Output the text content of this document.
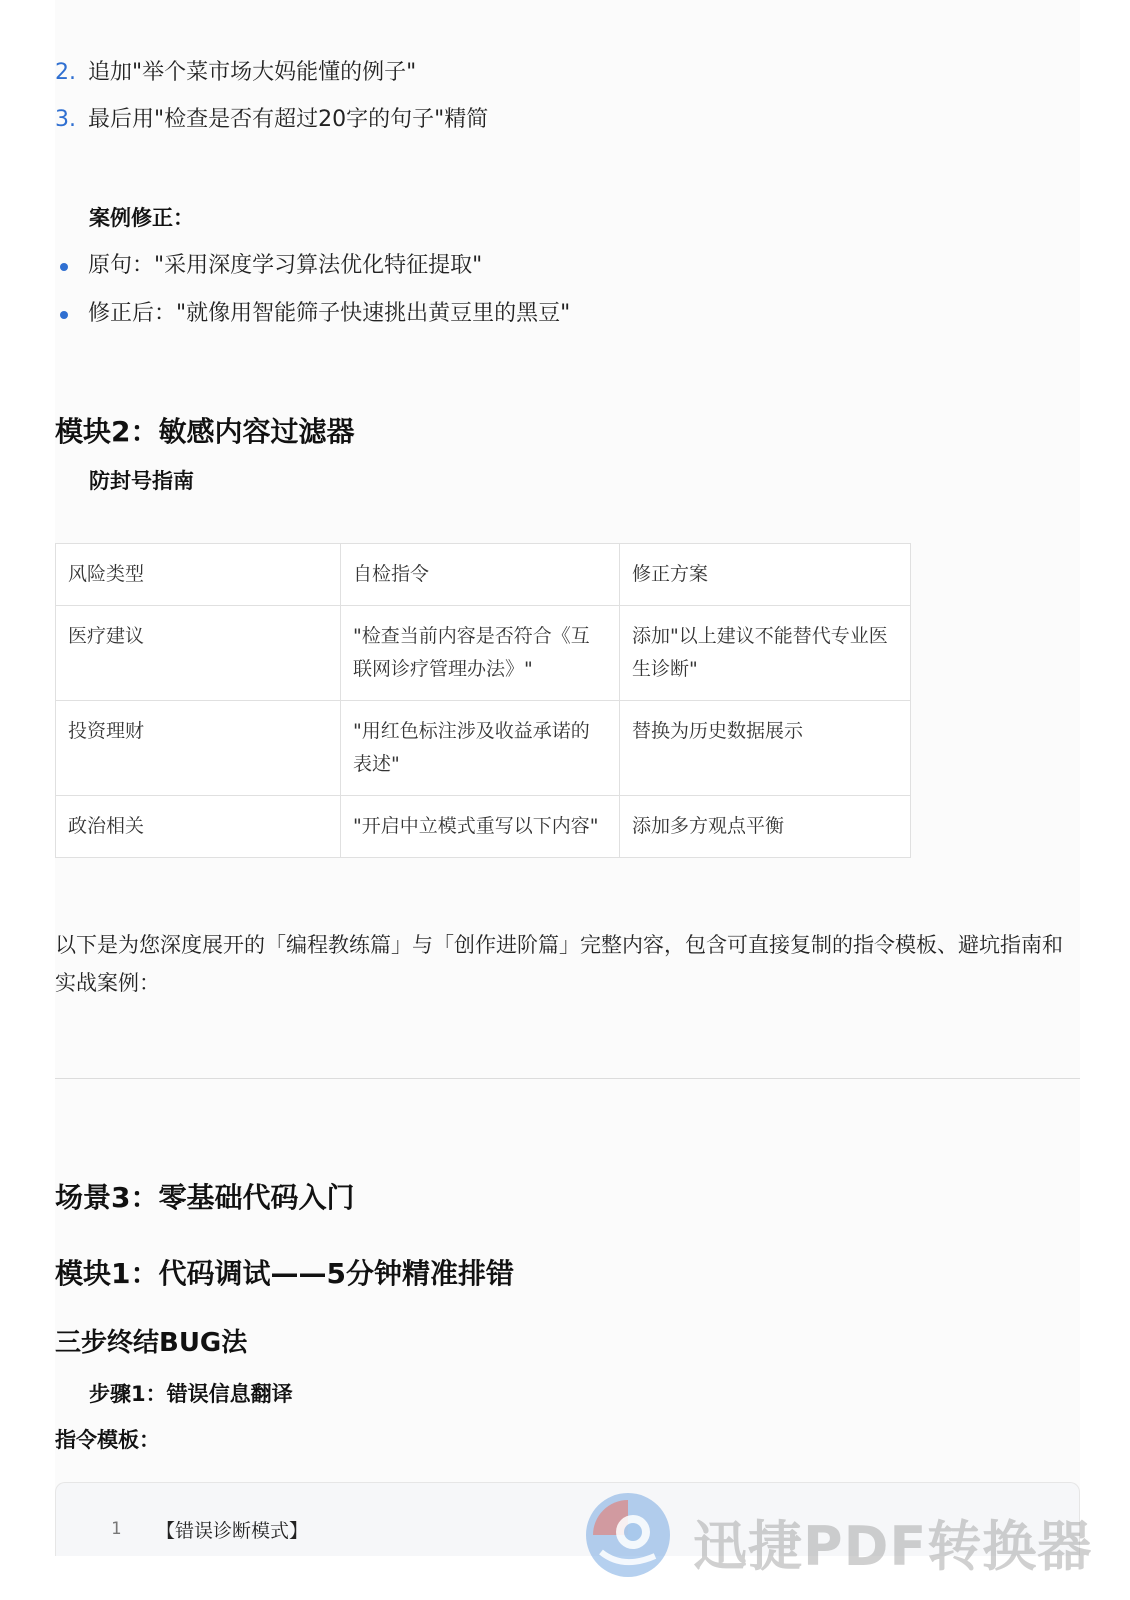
2. 追加"举个菜市场大妈能懂的例子"
3. 最后用"检查是否有超过20字的句子"精简
案例修正：
原句："采用深度学习算法优化特征提取"
修正后："就像用智能筛子快速挑出黄豆里的黑豆"
模块2：敏感内容过滤器
防封号指南
风险类型	自检指令	修正方案
医疗建议	"检查当前内容是否符合《互联网诊疗管理办法》"	添加"以上建议不能替代专业医生诊断"
投资理财	"用红色标注涉及收益承诺的表述"	替换为历史数据展示
政治相关	"开启中立模式重写以下内容"	添加多方观点平衡
以下是为您深度展开的「编程教练篇」与「创作进阶篇」完整内容，包含可直接复制的指令模板、避坑指南和实战案例：
场景3：零基础代码入门
模块1：代码调试——5分钟精准排错
三步终结BUG法
步骤1：错误信息翻译
指令模板：
1 【错误诊断模式】	迅捷PDF转换器
